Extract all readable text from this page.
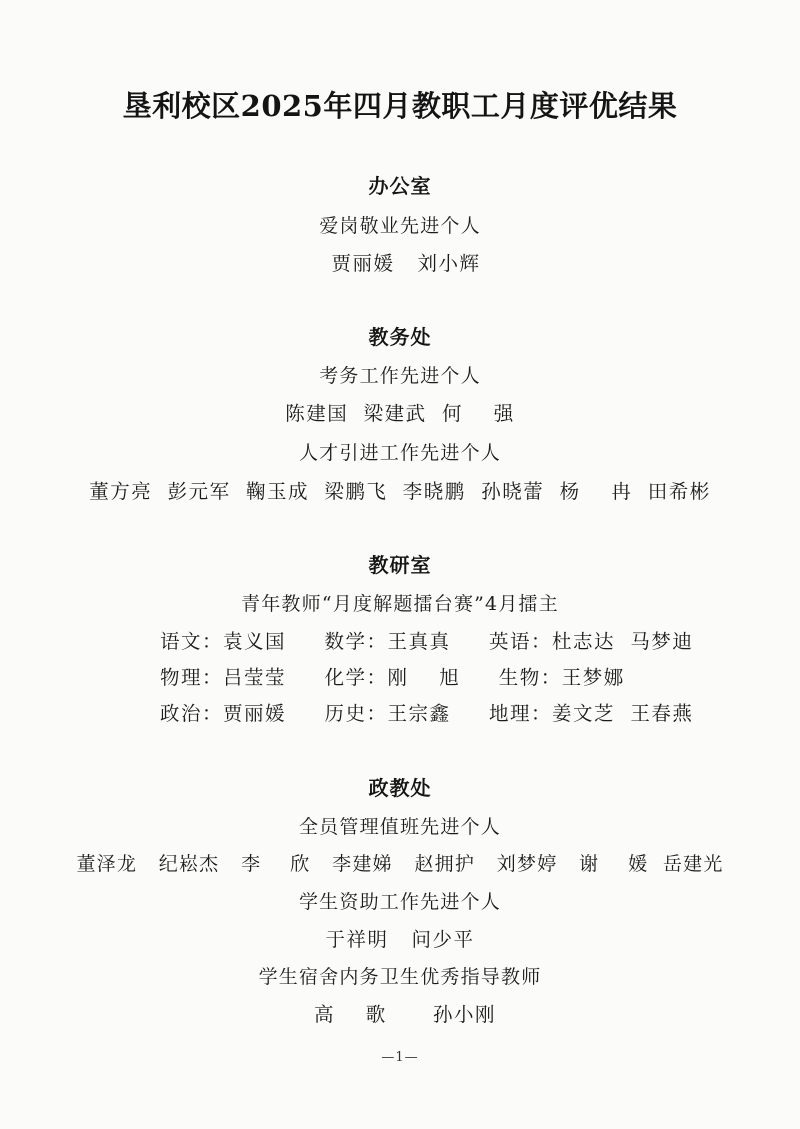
垦利校区2025年四月教职工月度评优结果
办公室
爱岗敬业先进个人
贾丽媛   刘小辉
教务处
考务工作先进个人
陈建国  梁建武  何    强
人才引进工作先进个人
董方亮  彭元军  鞠玉成  梁鹏飞  李晓鹏  孙晓蕾  杨    冉  田希彬
教研室
青年教师“月度解题擂台赛”4月擂主
语文：袁义国     数学：王真真     英语：杜志达  马梦迪
物理：吕莹莹     化学：刚    旭     生物：王梦娜
政治：贾丽媛     历史：王宗鑫     地理：姜文芝  王春燕
政教处
全员管理值班先进个人
董泽龙   纪崧杰   李    欣   李建娣   赵拥护   刘梦婷   谢    媛  岳建光
学生资助工作先进个人
于祥明   问少平
学生宿舍内务卫生优秀指导教师
高    歌      孙小刚
—1—
